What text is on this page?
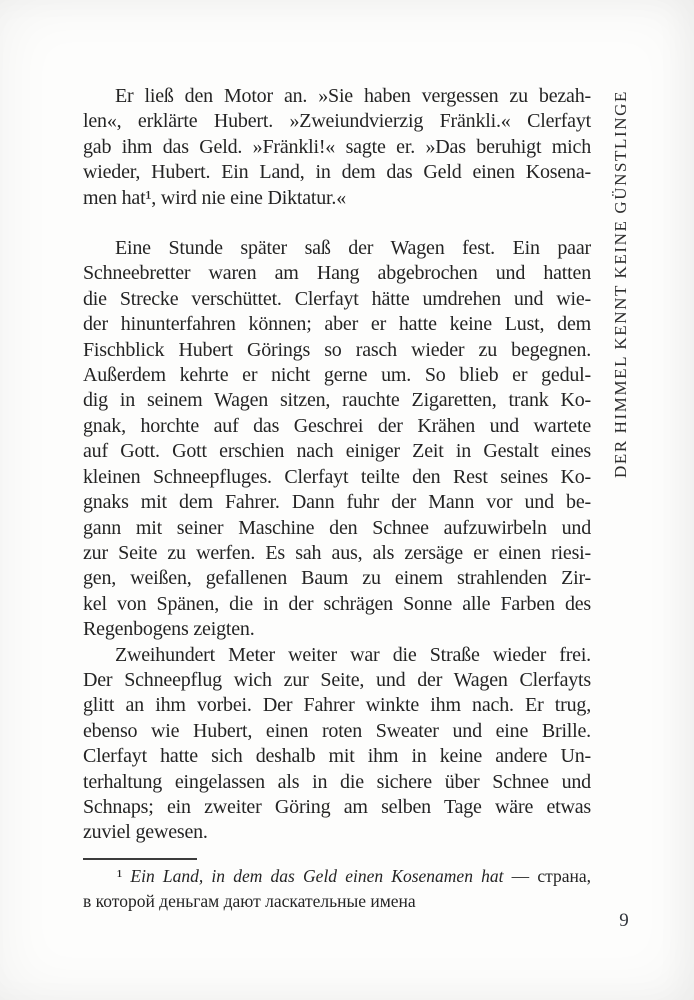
DER HIMMEL KENNT KEINE GÜNSTLINGE
Er ließ den Motor an. »Sie haben vergessen zu bezah-
len«, erklärte Hubert. »Zweiundvierzig Fränkli.« Clerfayt
gab ihm das Geld. »Fränkli!« sagte er. »Das beruhigt mich
wieder, Hubert. Ein Land, in dem das Geld einen Kosena-
men hat¹, wird nie eine Diktatur.«
Eine Stunde später saß der Wagen fest. Ein paar
Schneebretter waren am Hang abgebrochen und hatten
die Strecke verschüttet. Clerfayt hätte umdrehen und wie-
der hinunterfahren können; aber er hatte keine Lust, dem
Fischblick Hubert Görings so rasch wieder zu begegnen.
Außerdem kehrte er nicht gerne um. So blieb er gedul-
dig in seinem Wagen sitzen, rauchte Zigaretten, trank Ko-
gnak, horchte auf das Geschrei der Krähen und wartete
auf Gott. Gott erschien nach einiger Zeit in Gestalt eines
kleinen Schneepfluges. Clerfayt teilte den Rest seines Ko-
gnaks mit dem Fahrer. Dann fuhr der Mann vor und be-
gann mit seiner Maschine den Schnee aufzuwirbeln und
zur Seite zu werfen. Es sah aus, als zersäge er einen riesi-
gen, weißen, gefallenen Baum zu einem strahlenden Zir-
kel von Spänen, die in der schrägen Sonne alle Farben des
Regenbogens zeigten.
Zweihundert Meter weiter war die Straße wieder frei.
Der Schneepflug wich zur Seite, und der Wagen Clerfayts
glitt an ihm vorbei. Der Fahrer winkte ihm nach. Er trug,
ebenso wie Hubert, einen roten Sweater und eine Brille.
Clerfayt hatte sich deshalb mit ihm in keine andere Un-
terhaltung eingelassen als in die sichere über Schnee und
Schnaps; ein zweiter Göring am selben Tage wäre etwas
zuviel gewesen.
¹ Ein Land, in dem das Geld einen Kosenamen hat — страна,
в которой деньгам дают ласкательные имена
9
